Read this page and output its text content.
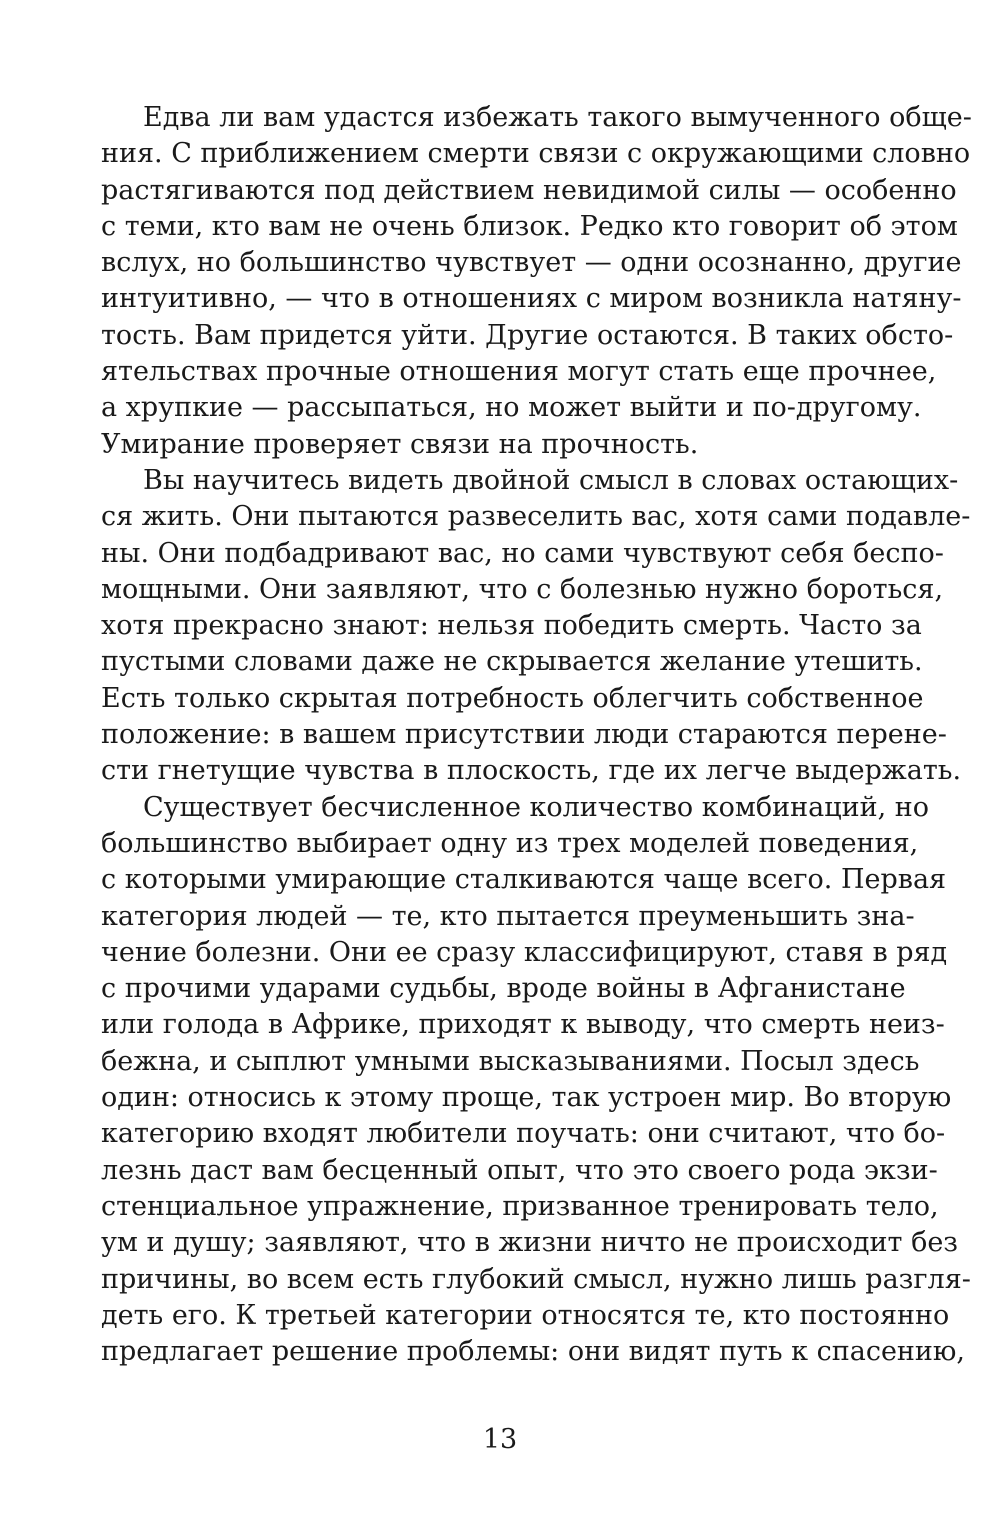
Едва ли вам удастся избежать такого вымученного обще-
ния. С приближением смерти связи с окружающими словно
растягиваются под действием невидимой силы — особенно
с теми, кто вам не очень близок. Редко кто говорит об этом
вслух, но большинство чувствует — одни осознанно, другие
интуитивно, — что в отношениях с миром возникла натяну-
тость. Вам придется уйти. Другие остаются. В таких обсто-
ятельствах прочные отношения могут стать еще прочнее,
а хрупкие — рассыпаться, но может выйти и по-другому.
Умирание проверяет связи на прочность.
Вы научитесь видеть двойной смысл в словах остающих-
ся жить. Они пытаются развеселить вас, хотя сами подавле-
ны. Они подбадривают вас, но сами чувствуют себя беспо-
мощными. Они заявляют, что с болезнью нужно бороться,
хотя прекрасно знают: нельзя победить смерть. Часто за
пустыми словами даже не скрывается желание утешить.
Есть только скрытая потребность облегчить собственное
положение: в вашем присутствии люди стараются перене-
сти гнетущие чувства в плоскость, где их легче выдержать.
Существует бесчисленное количество комбинаций, но
большинство выбирает одну из трех моделей поведения,
с которыми умирающие сталкиваются чаще всего. Первая
категория людей — те, кто пытается преуменьшить зна-
чение болезни. Они ее сразу классифицируют, ставя в ряд
с прочими ударами судьбы, вроде войны в Афганистане
или голода в Африке, приходят к выводу, что смерть неиз-
бежна, и сыплют умными высказываниями. Посыл здесь
один: относись к этому проще, так устроен мир. Во вторую
категорию входят любители поучать: они считают, что бо-
лезнь даст вам бесценный опыт, что это своего рода экзи-
стенциальное упражнение, призванное тренировать тело,
ум и душу; заявляют, что в жизни ничто не происходит без
причины, во всем есть глубокий смысл, нужно лишь разгля-
деть его. К третьей категории относятся те, кто постоянно
предлагает решение проблемы: они видят путь к спасению,
13
